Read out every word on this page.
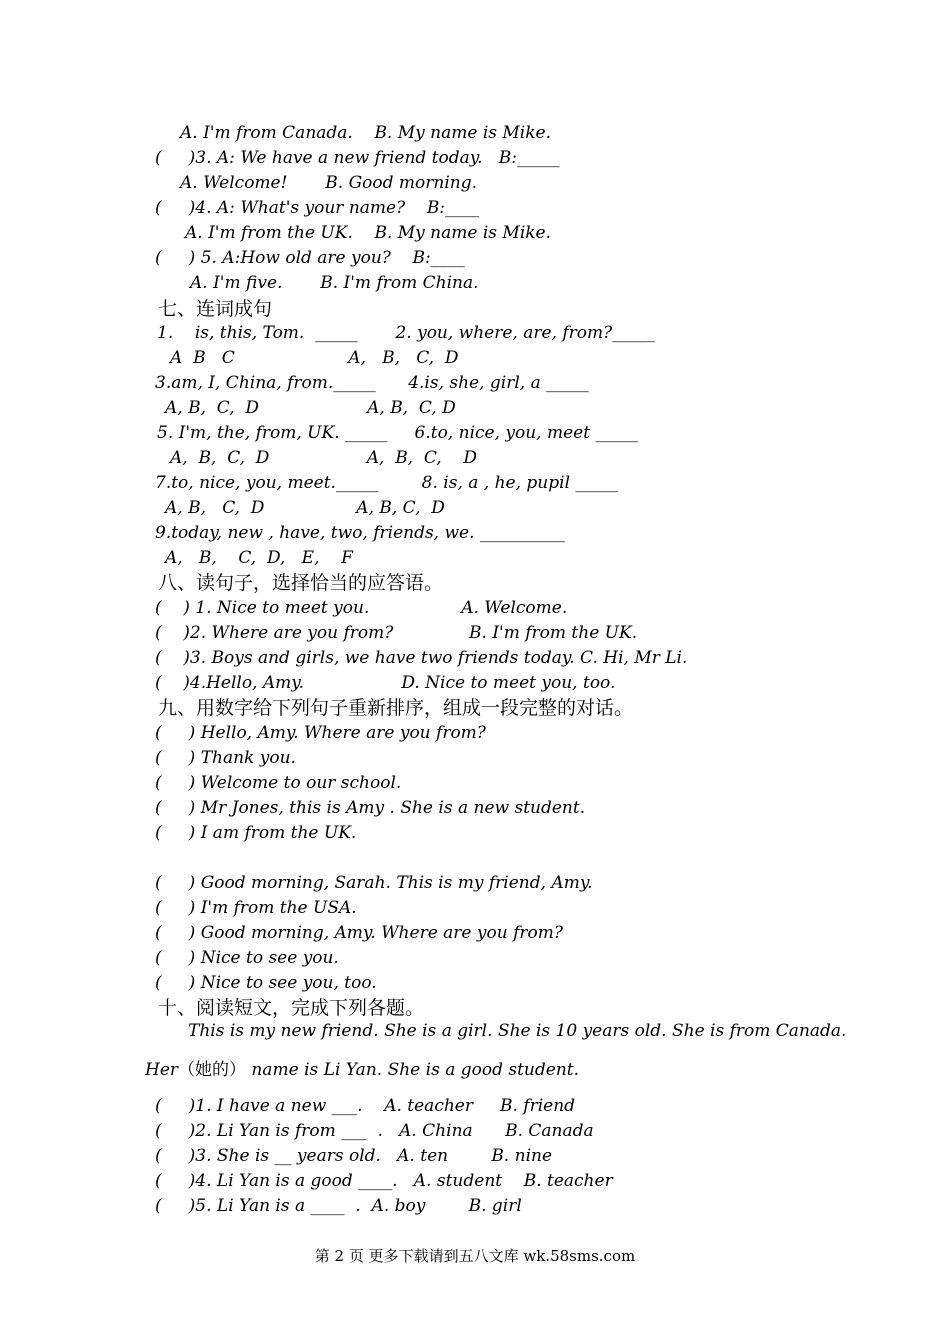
A. I'm from Canada.    B. My name is Mike.
(     )3. A: We have a new friend today.   B:_____
A. Welcome!       B. Good morning.
(     )4. A: What's your name?    B:____
A. I'm from the UK.    B. My name is Mike.
(     ) 5. A:How old are you?    B:____
A. I'm five.       B. I'm from China.
七、连词成句
1.    is, this, Tom.  _____       2. you, where, are, from?_____
A  B   C                     A,   B,   C,  D
3.am, I, China, from._____      4.is, she, girl, a _____
A, B,  C,  D                    A, B,  C, D
5. I'm, the, from, UK. _____     6.to, nice, you, meet _____
A,  B,  C,  D                  A,  B,  C,    D
7.to, nice, you, meet._____        8. is, a , he, pupil _____
A, B,   C,  D                 A, B, C,  D
9.today, new , have, two, friends, we. __________
A,   B,    C,  D,   E,    F
八、读句子，选择恰当的应答语。
(    ) 1. Nice to meet you.                 A. Welcome.
(    )2. Where are you from?              B. I'm from the UK.
(    )3. Boys and girls, we have two friends today. C. Hi, Mr Li.
(    )4.Hello, Amy.                  D. Nice to meet you, too.
九、用数字给下列句子重新排序，组成一段完整的对话。
(     ) Hello, Amy. Where are you from?
(     ) Thank you.
(     ) Welcome to our school.
(     ) Mr Jones, this is Amy . She is a new student.
(     ) I am from the UK.
(     ) Good morning, Sarah. This is my friend, Amy.
(     ) I'm from the USA.
(     ) Good morning, Amy. Where are you from?
(     ) Nice to see you.
(     ) Nice to see you, too.
十、阅读短文，完成下列各题。
This is my new friend. She is a girl. She is 10 years old. She is from Canada.
Her（她的） name is Li Yan. She is a good student.
(     )1. I have a new ___.    A. teacher     B. friend
(     )2. Li Yan is from ___  .   A. China      B. Canada
(     )3. She is __ years old.   A. ten        B. nine
(     )4. Li Yan is a good ____.   A. student    B. teacher
(     )5. Li Yan is a ____  .  A. boy        B. girl
第 2 页 更多下载请到五八文库 wk.58sms.com
